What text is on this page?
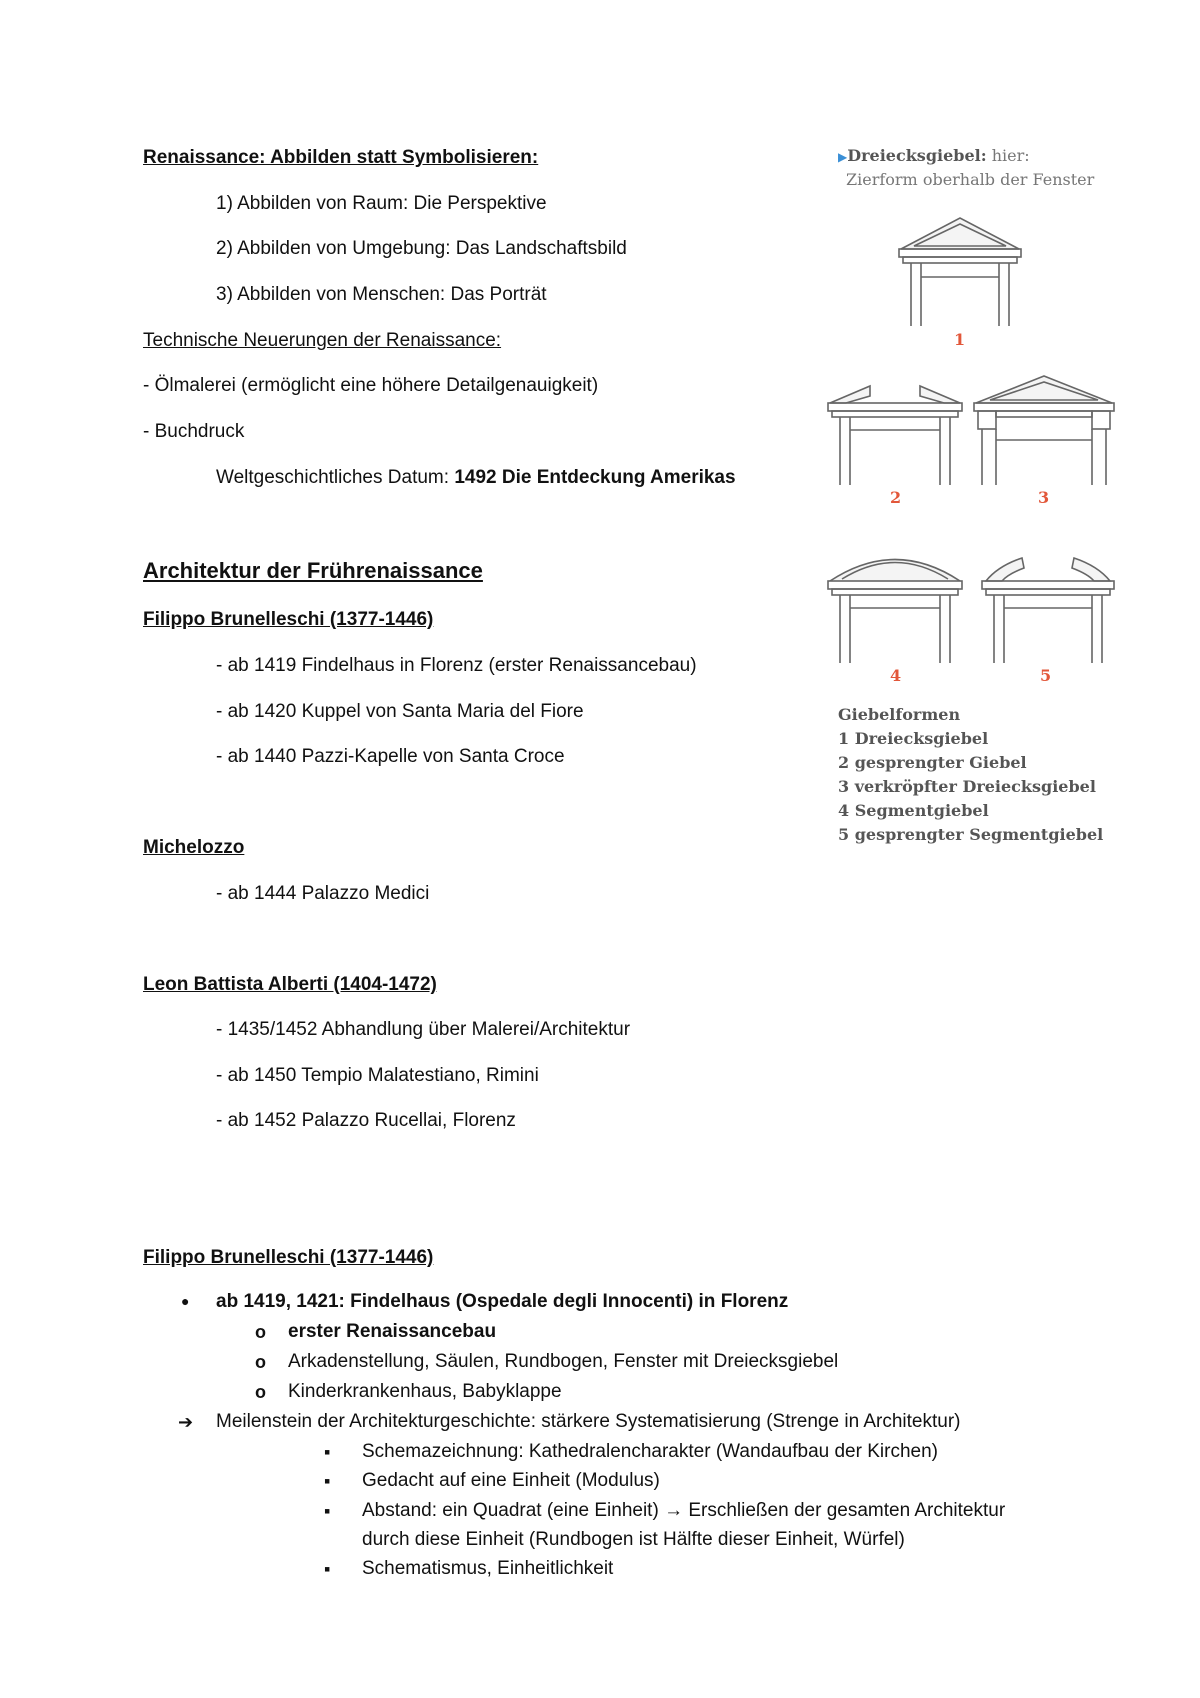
Renaissance: Abbilden statt Symbolisieren:
1) Abbilden von Raum: Die Perspektive
2) Abbilden von Umgebung: Das Landschaftsbild
3) Abbilden von Menschen: Das Porträt
Technische Neuerungen der Renaissance:
- Ölmalerei (ermöglicht eine höhere Detailgenauigkeit)
- Buchdruck
Weltgeschichtliches Datum: 1492 Die Entdeckung Amerikas
Architektur der Frührenaissance
Filippo Brunelleschi (1377-1446)
- ab 1419 Findelhaus in Florenz (erster Renaissancebau)
- ab 1420 Kuppel von Santa Maria del Fiore
- ab 1440 Pazzi-Kapelle von Santa Croce
Michelozzo
- ab 1444 Palazzo Medici
Leon Battista Alberti (1404-1472)
- 1435/1452 Abhandlung über Malerei/Architektur
- ab 1450 Tempio Malatestiano, Rimini
- ab 1452 Palazzo Rucellai, Florenz
Filippo Brunelleschi (1377-1446)
● ab 1419, 1421: Findelhaus (Ospedale degli Innocenti) in Florenz
o erster Renaissancebau
o Arkadenstellung, Säulen, Rundbogen, Fenster mit Dreiecksgiebel
o Kinderkrankenhaus, Babyklappe
➔ Meilenstein der Architekturgeschichte: stärkere Systematisierung (Strenge in Architektur)
▪ Schemazeichnung: Kathedralencharakter (Wandaufbau der Kirchen)
▪ Gedacht auf eine Einheit (Modulus)
▪ Abstand: ein Quadrat (eine Einheit) → Erschließen der gesamten Architektur
durch diese Einheit (Rundbogen ist Hälfte dieser Einheit, Würfel)
▪ Schematismus, Einheitlichkeit
▶Dreiecksgiebel: hier:
Zierform oberhalb der Fenster
1
2	3
4	5
Giebelformen
1 Dreiecksgiebel
2 gesprengter Giebel
3 verkröpfter Dreiecksgiebel
4 Segmentgiebel
5 gesprengter Segmentgiebel
